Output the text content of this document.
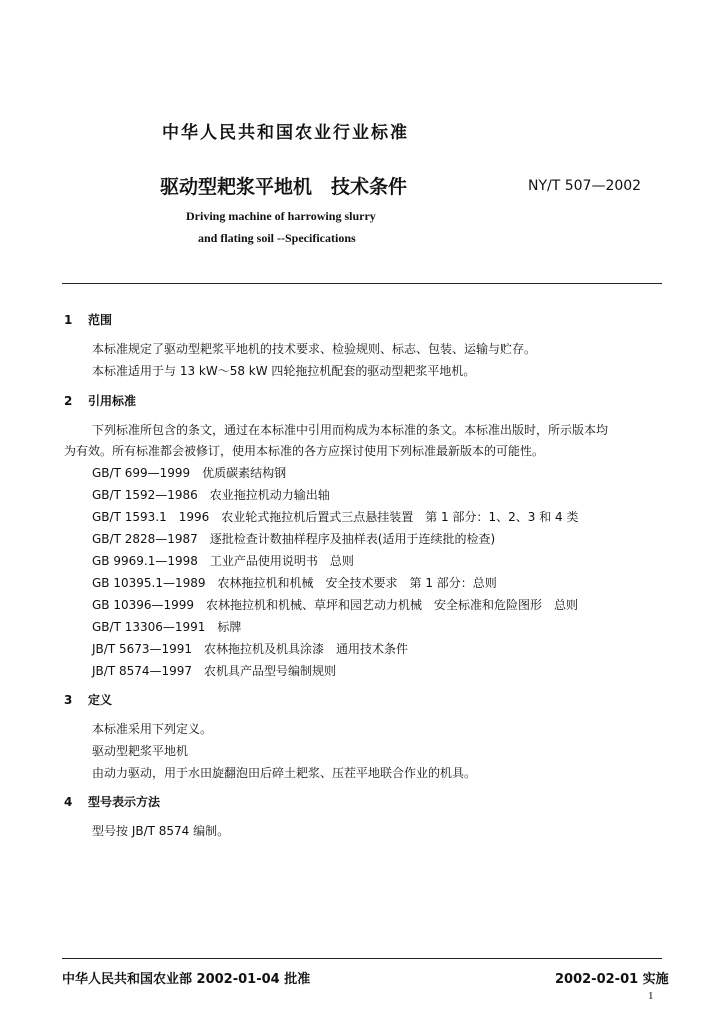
中华人民共和国农业行业标准
驱动型耙浆平地机　技术条件	NY/T 507—2002
Driving machine of harrowing slurry
and flating soil --Specifications
1 范围
本标准规定了驱动型耙浆平地机的技术要求、检验规则、标志、包装、运输与贮存。
本标准适用于与 13 kW～58 kW 四轮拖拉机配套的驱动型耙浆平地机。
2 引用标准
下列标准所包含的条文，通过在本标准中引用而构成为本标准的条文。本标准出版时，所示版本均
为有效。所有标准都会被修订，使用本标准的各方应探讨使用下列标准最新版本的可能性。
GB/T 699—1999　优质碳素结构钢
GB/T 1592—1986　农业拖拉机动力输出轴
GB/T 1593.1　1996　农业轮式拖拉机后置式三点悬挂装置　第 1 部分：1、2、3 和 4 类
GB/T 2828—1987　逐批检查计数抽样程序及抽样表(适用于连续批的检查)
GB 9969.1—1998　工业产品使用说明书　总则
GB 10395.1—1989　农林拖拉机和机械　安全技术要求　第 1 部分：总则
GB 10396—1999　农林拖拉机和机械、草坪和园艺动力机械　安全标准和危险图形　总则
GB/T 13306—1991　标牌
JB/T 5673—1991　农林拖拉机及机具涂漆　通用技术条件
JB/T 8574—1997　农机具产品型号编制规则
3 定义
本标准采用下列定义。
驱动型耙浆平地机
由动力驱动，用于水田旋翻泡田后碎土耙浆、压茬平地联合作业的机具。
4 型号表示方法
型号按 JB/T 8574 编制。
中华人民共和国农业部 2002-01-04 批准	2002-02-01 实施
1
